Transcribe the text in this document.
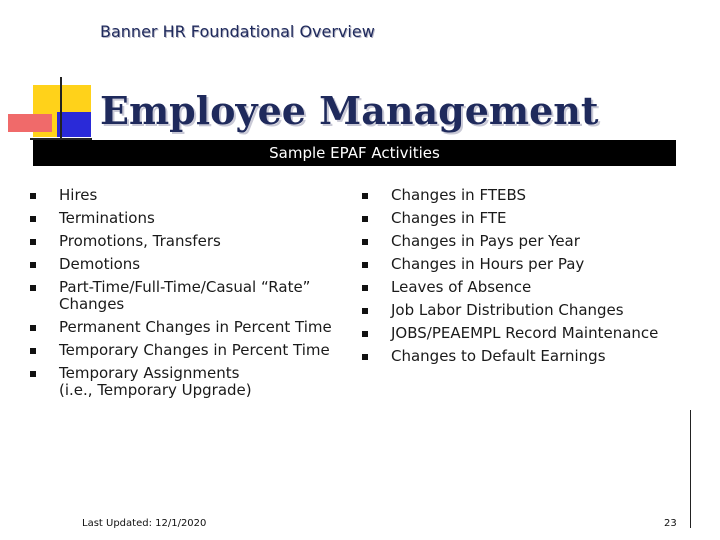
Banner HR Foundational Overview
Employee Management
Sample EPAF Activities
Hires
Terminations
Promotions, Transfers
Demotions
Part-Time/Full-Time/Casual “Rate”
Changes
Permanent Changes in Percent Time
Temporary Changes in Percent Time
Temporary Assignments
(i.e., Temporary Upgrade)
Changes in FTEBS
Changes in FTE
Changes in Pays per Year
Changes in Hours per Pay
Leaves of Absence
Job Labor Distribution Changes
JOBS/PEAEMPL Record Maintenance
Changes to Default Earnings
Last Updated: 12/1/2020	23
